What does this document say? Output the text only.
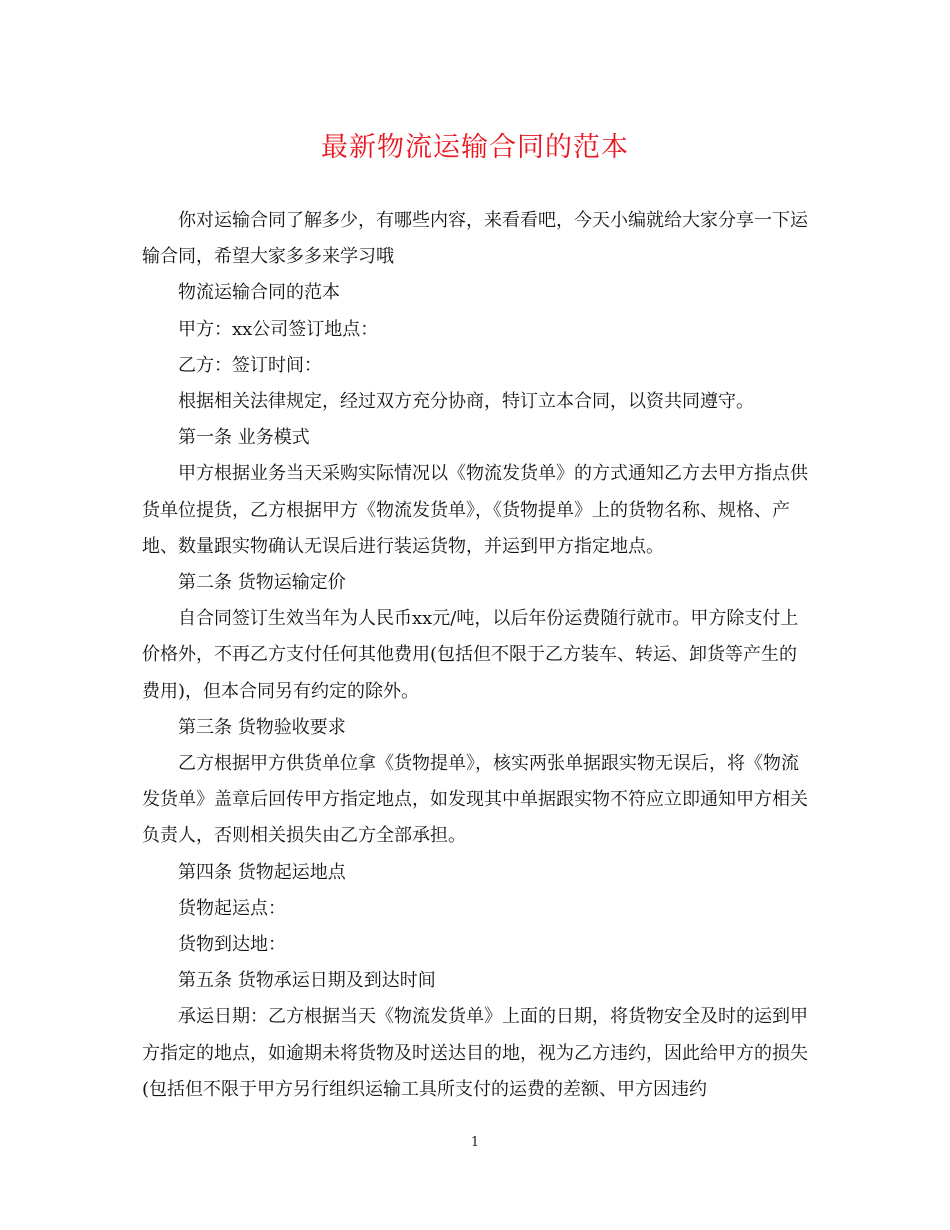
最新物流运输合同的范本

你对运输合同了解多少，有哪些内容，来看看吧，今天小编就给大家分享一下运输合同，希望大家多多来学习哦

物流运输合同的范本

甲方：xx公司签订地点：

乙方：签订时间：

根据相关法律规定，经过双方充分协商，特订立本合同，以资共同遵守。

第一条 业务模式

甲方根据业务当天采购实际情况以《物流发货单》的方式通知乙方去甲方指点供货单位提货，乙方根据甲方《物流发货单》，《货物提单》上的货物名称、规格、产地、数量跟实物确认无误后进行装运货物，并运到甲方指定地点。

第二条 货物运输定价

自合同签订生效当年为人民币xx元/吨，以后年份运费随行就市。甲方除支付上价格外，不再乙方支付任何其他费用(包括但不限于乙方装车、转运、卸货等产生的费用)，但本合同另有约定的除外。

第三条 货物验收要求

乙方根据甲方供货单位拿《货物提单》，核实两张单据跟实物无误后，将《物流发货单》盖章后回传甲方指定地点，如发现其中单据跟实物不符应立即通知甲方相关负责人，否则相关损失由乙方全部承担。

第四条 货物起运地点

货物起运点：

货物到达地：

第五条 货物承运日期及到达时间

承运日期：乙方根据当天《物流发货单》上面的日期，将货物安全及时的运到甲方指定的地点，如逾期未将货物及时送达目的地，视为乙方违约，因此给甲方的损失(包括但不限于甲方另行组织运输工具所支付的运费的差额、甲方因违约

1
